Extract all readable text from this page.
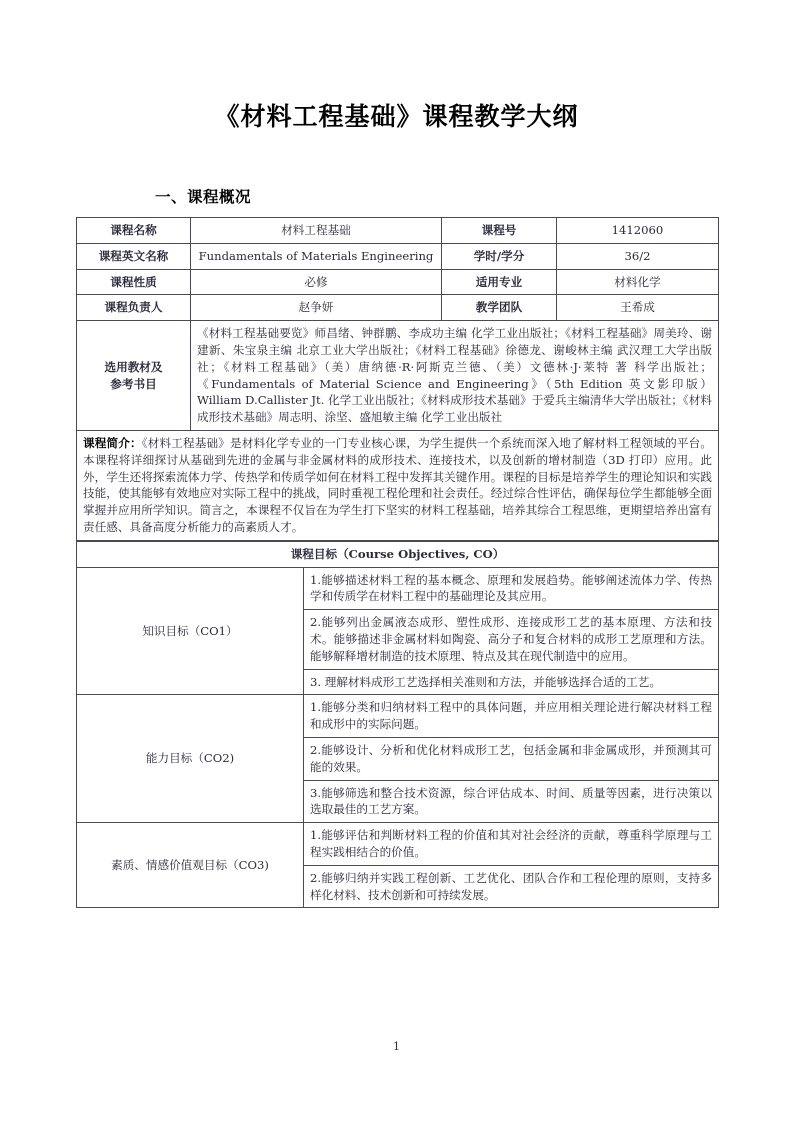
《材料工程基础》课程教学大纲
一、课程概况
课程名称	材料工程基础	课程号	1412060
课程英文名称	Fundamentals of Materials Engineering	学时/学分	36/2
课程性质	必修	适用专业	材料化学
课程负责人	赵争妍	教学团队	王希成
选用教材及
参考书目	《材料工程基础要览》师昌绪、钟群鹏、李成功主编 化学工业出版社；《材料工程基础》周美玲、谢建新、朱宝泉主编 北京工业大学出版社；《材料工程基础》徐德龙、谢峻林主编 武汉理工大学出版社；《材料工程基础》（美）唐纳德·R·阿斯克兰德、（美）文德林·J·莱特 著 科学出版社；《Fundamentals of Material Science and Engineering》（5th Edition 英文影印版）William D.Callister Jt. 化学工业出版社；《材料成形技术基础》于爱兵主编清华大学出版社；《材料成形技术基础》周志明、涂坚、盛旭敏主编 化学工业出版社		
课程简介：《材料工程基础》是材料化学专业的一门专业核心课，为学生提供一个系统而深入地了解材料工程领域的平台。本课程将详细探讨从基础到先进的金属与非金属材料的成形技术、连接技术，以及创新的增材制造（3D 打印）应用。此外，学生还将探索流体力学、传热学和传质学如何在材料工程中发挥其关键作用。课程的目标是培养学生的理论知识和实践技能，使其能够有效地应对实际工程中的挑战，同时重视工程伦理和社会责任。经过综合性评估，确保每位学生都能够全面掌握并应用所学知识。简言之，本课程不仅旨在为学生打下坚实的材料工程基础，培养其综合工程思维，更期望培养出富有责任感、具备高度分析能力的高素质人才。			
课程目标（Course Objectives, CO）	
知识目标（CO1）	1.能够描述材料工程的基本概念、原理和发展趋势。能够阐述流体力学、传热学和传质学在材料工程中的基础理论及其应用。
	2.能够列出金属液态成形、塑性成形、连接成形工艺的基本原理、方法和技术。能够描述非金属材料如陶瓷、高分子和复合材料的成形工艺原理和方法。能够解释增材制造的技术原理、特点及其在现代制造中的应用。
	3. 理解材料成形工艺选择相关准则和方法，并能够选择合适的工艺。
能力目标（CO2)	1.能够分类和归纳材料工程中的具体问题，并应用相关理论进行解决材料工程和成形中的实际问题。
	2.能够设计、分析和优化材料成形工艺，包括金属和非金属成形，并预测其可能的效果。
	3.能够筛选和整合技术资源，综合评估成本、时间、质量等因素，进行决策以选取最佳的工艺方案。
素质、情感价值观目标（CO3)	1.能够评估和判断材料工程的价值和其对社会经济的贡献，尊重科学原理与工程实践相结合的价值。
	2.能够归纳并实践工程创新、工艺优化、团队合作和工程伦理的原则，支持多样化材料、技术创新和可持续发展。
1
